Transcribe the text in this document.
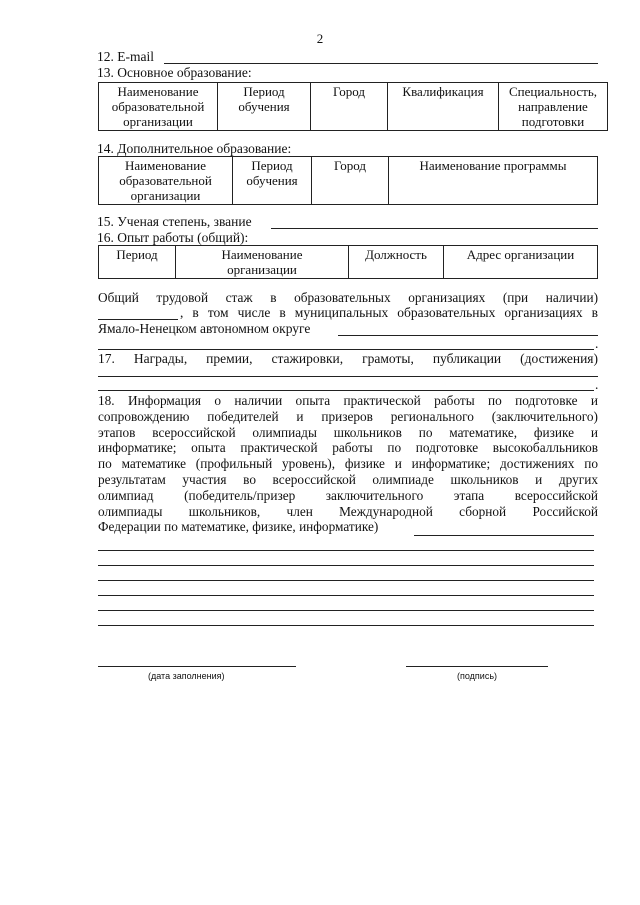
2
12. E-mail
13. Основное образование:
Наименование
образовательной
организации	Период
обучения	Город	Квалификация	Специальность,
направление
подготовки
14. Дополнительное образование:
Наименование
образовательной
организации	Период
обучения	Город	Наименование программы
15. Ученая степень, звание
16. Опыт работы (общий):
Период	Наименование
организации	Должность	Адрес организации
Общий трудовой стаж в образовательных организациях (при наличии)
, в том числе в муниципальных образовательных организациях в
Ямало-Ненецком автономном округе
.
17. Награды, премии, стажировки, грамоты, публикации (достижения)
.
18. Информация о наличии опыта практической работы по подготовке и
сопровождению победителей и призеров регионального (заключительного)
этапов всероссийской олимпиады школьников по математике, физике и
информатике; опыта практической работы по подготовке высокобалльников
по математике (профильный уровень), физике и информатике; достижениях по
результатам участия во всероссийской олимпиаде школьников и других
олимпиад (победитель/призер заключительного этапа всероссийской
олимпиады школьников, член Международной сборной Российской
Федерации по математике, физике, информатике)
(дата заполнения)	(подпись)
